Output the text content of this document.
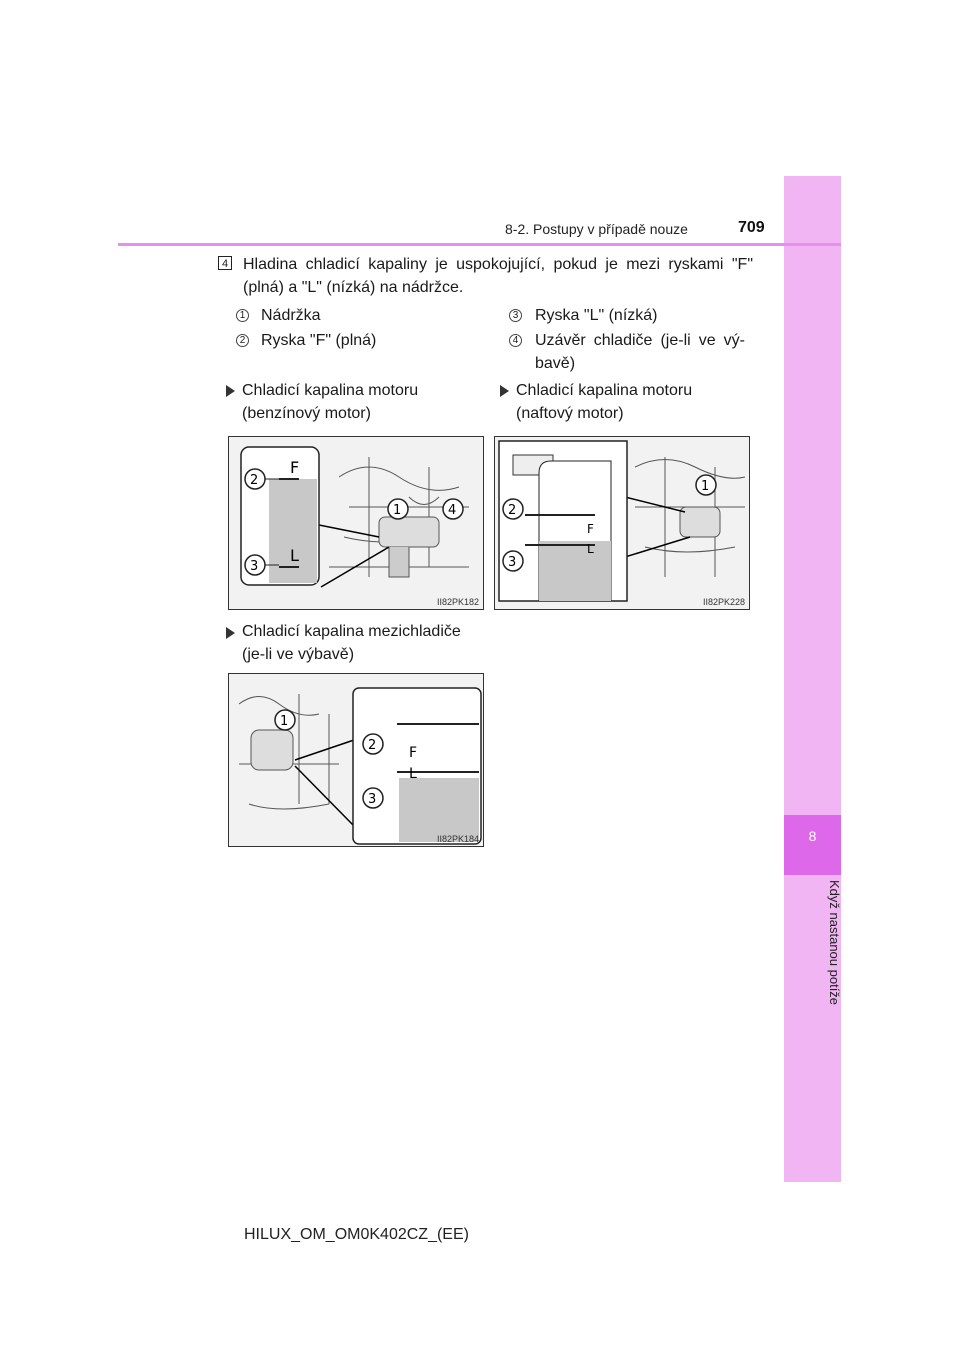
8
Když nastanou potíže
8-2. Postupy v případě nouze	709
4 Hladina chladicí kapaliny je uspokojující, pokud je mezi ryskami "F" (plná) a "L" (nízká) na nádržce.
1 Nádržka
2 Ryska "F" (plná)
3 Ryska "L" (nízká)
4 Uzávěr chladiče (je-li ve vý-bavě)
Chladicí kapalina motoru (benzínový motor)
Chladicí kapalina motoru (naftový motor)
F
L
2
3
1	4
II82PK182
F
L
2
3
1
II82PK228
Chladicí kapalina mezichladiče (je-li ve výbavě)
F
L
2
3
1
II82PK184
HILUX_OM_OM0K402CZ_(EE)
